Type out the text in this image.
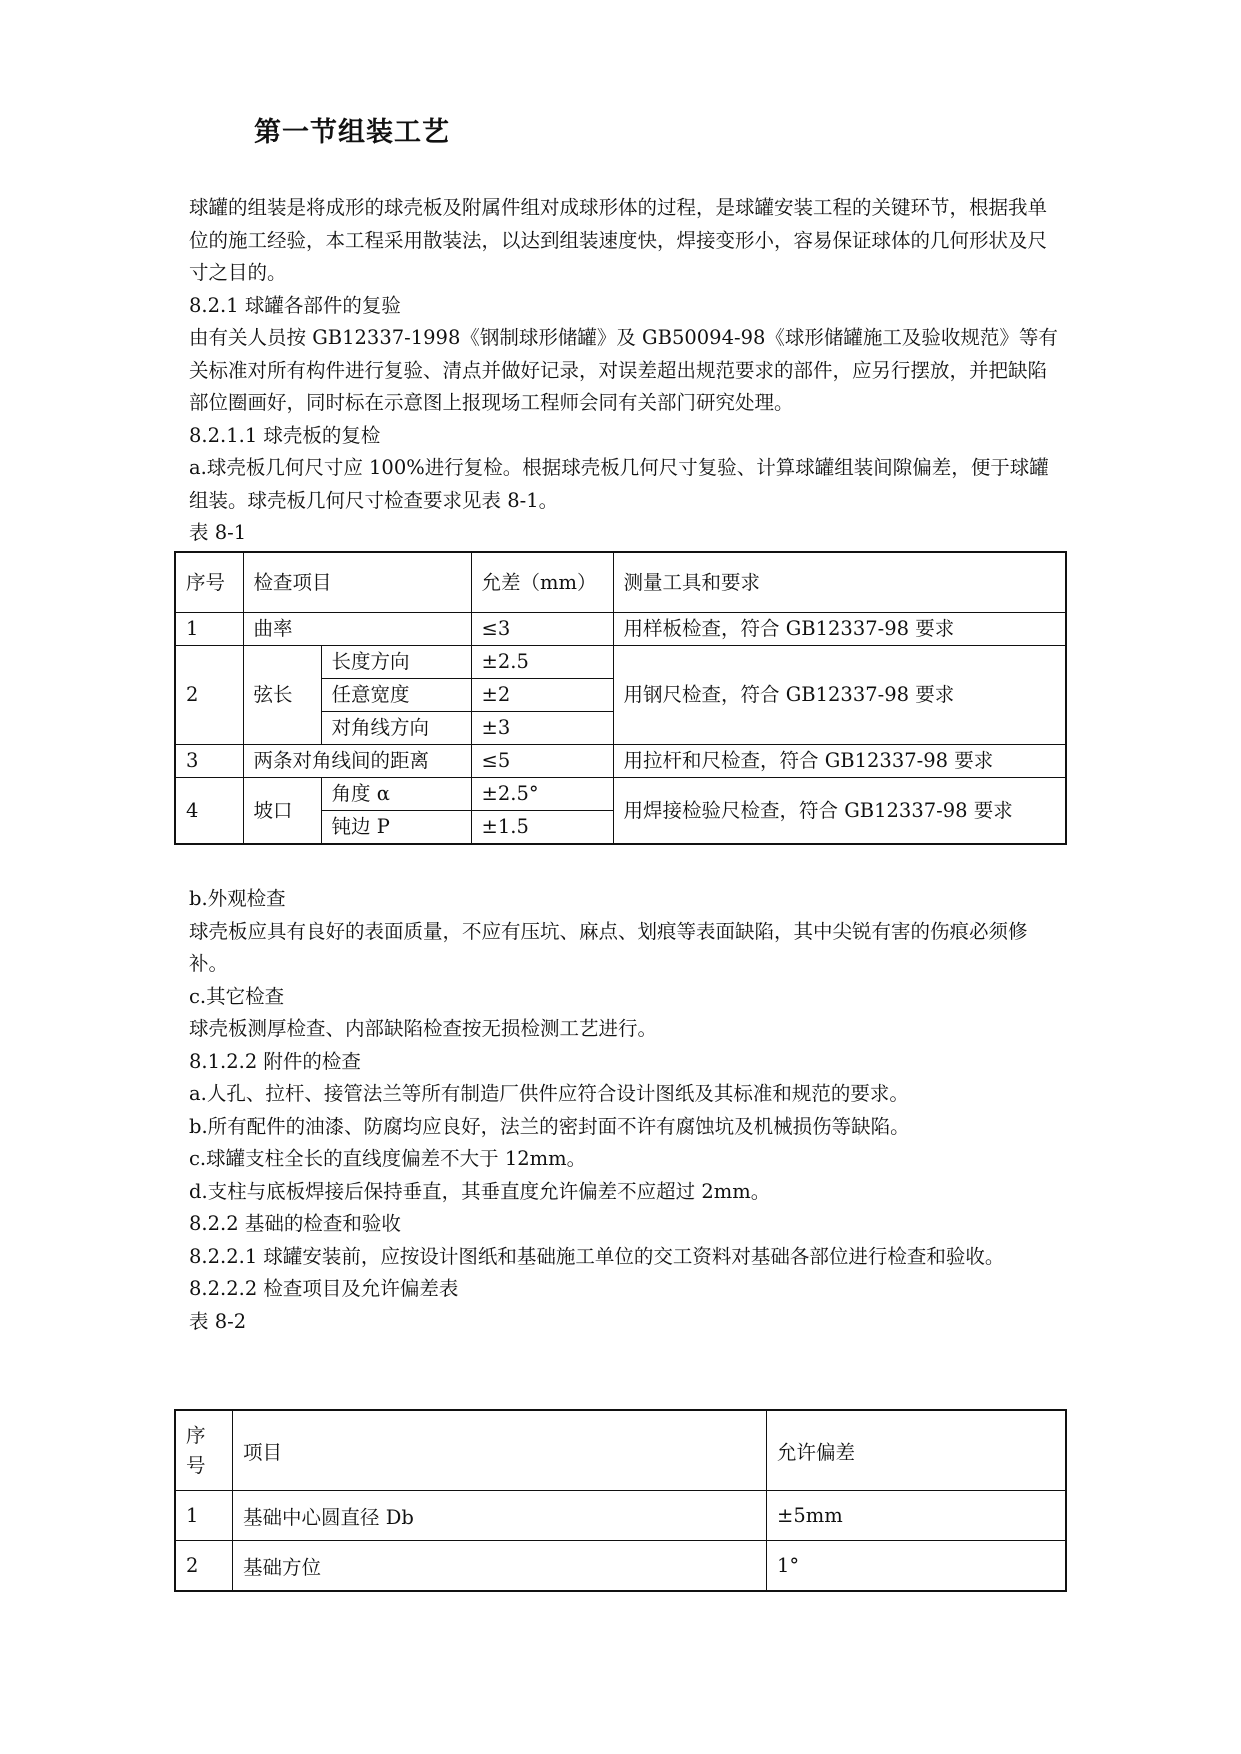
第一节组装工艺

球罐的组装是将成形的球壳板及附属件组对成球形体的过程，是球罐安装工程的关键环节，根据我单位的施工经验，本工程采用散装法，以达到组装速度快，焊接变形小，容易保证球体的几何形状及尺寸之目的。

8.2.1 球罐各部件的复验

由有关人员按 GB12337-1998《钢制球形储罐》及 GB50094-98《球形储罐施工及验收规范》等有关标准对所有构件进行复验、清点并做好记录，对误差超出规范要求的部件，应另行摆放，并把缺陷部位圈画好，同时标在示意图上报现场工程师会同有关部门研究处理。

8.2.1.1 球壳板的复检

a.球壳板几何尺寸应 100%进行复检。根据球壳板几何尺寸复验、计算球罐组装间隙偏差，便于球罐组装。球壳板几何尺寸检查要求见表 8-1。

表 8-1

序号	检查项目		允差（mm）	测量工具和要求
1	曲率		≤3	用样板检查，符合 GB12337-98 要求
2	弦长	长度方向	±2.5	用钢尺检查，符合 GB12337-98 要求
		任意宽度	±2	
		对角线方向	±3	
3	两条对角线间的距离		≤5	用拉杆和尺检查，符合 GB12337-98 要求
4	坡口	角度 α	±2.5°	用焊接检验尺检查，符合 GB12337-98 要求
		钝边 P	±1.5	

b.外观检查

球壳板应具有良好的表面质量，不应有压坑、麻点、划痕等表面缺陷，其中尖锐有害的伤痕必须修补。

c.其它检查

球壳板测厚检查、内部缺陷检查按无损检测工艺进行。

8.1.2.2 附件的检查

a.人孔、拉杆、接管法兰等所有制造厂供件应符合设计图纸及其标准和规范的要求。

b.所有配件的油漆、防腐均应良好，法兰的密封面不许有腐蚀坑及机械损伤等缺陷。

c.球罐支柱全长的直线度偏差不大于 12mm。

d.支柱与底板焊接后保持垂直，其垂直度允许偏差不应超过 2mm。

8.2.2 基础的检查和验收

8.2.2.1 球罐安装前，应按设计图纸和基础施工单位的交工资料对基础各部位进行检查和验收。

8.2.2.2 检查项目及允许偏差表

表 8-2

序号	项目	允许偏差
1	基础中心圆直径 Db	±5mm
2	基础方位	1°
